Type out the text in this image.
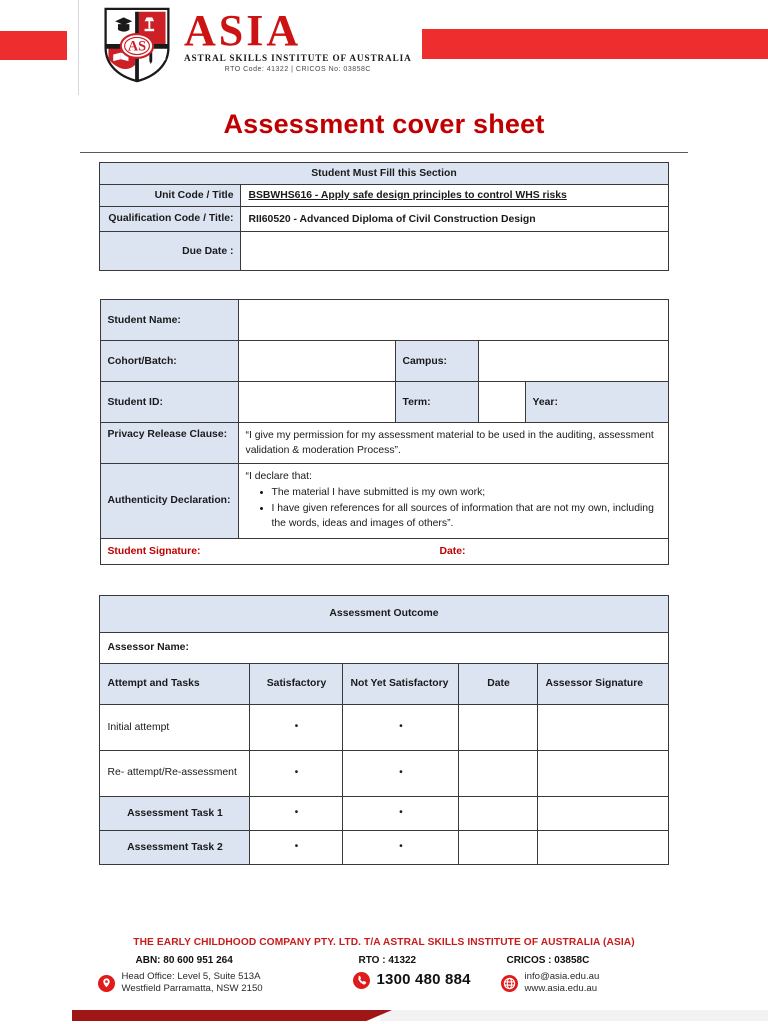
AS ASIA
ASTRAL SKILLS INSTITUTE OF AUSTRALIA
RTO Code: 41322 | CRICOS No: 03858C
Assessment cover sheet
Student Must Fill this Section	
Unit Code / Title	BSBWHS616 - Apply safe design principles to control WHS risks
Qualification Code / Title:	RII60520 - Advanced Diploma of Civil Construction Design
Due Date :	
Student Name:				
Cohort/Batch:		Campus:		
Student ID:		Term:		Year:
Privacy Release Clause:	“I give my permission for my assessment material to be used in the auditing, assessment validation & moderation Process”.			
Authenticity Declaration:	
“I declare that:
• The material I have submitted is my own work;
• I have given references for all sources of information that are not my own, including the words, ideas and images of others”.

Student Signature: Date:				
Assessment Outcome				
Assessor Name:				
Attempt and Tasks	Satisfactory	Not Yet Satisfactory	Date	Assessor Signature
Initial attempt	•	•		
Re- attempt/Re-assessment	•	•		
Assessment Task 1	•	•		
Assessment Task 2	•	•		
THE EARLY CHILDHOOD COMPANY PTY. LTD. T/A ASTRAL SKILLS INSTITUTE OF AUSTRALIA (ASIA)
ABN: 80 600 951 264
Head Office: Level 5, Suite 513A
Westfield Parramatta, NSW 2150
RTO : 41322
1300 480 884
CRICOS : 03858C
info@asia.edu.au
www.asia.edu.au
